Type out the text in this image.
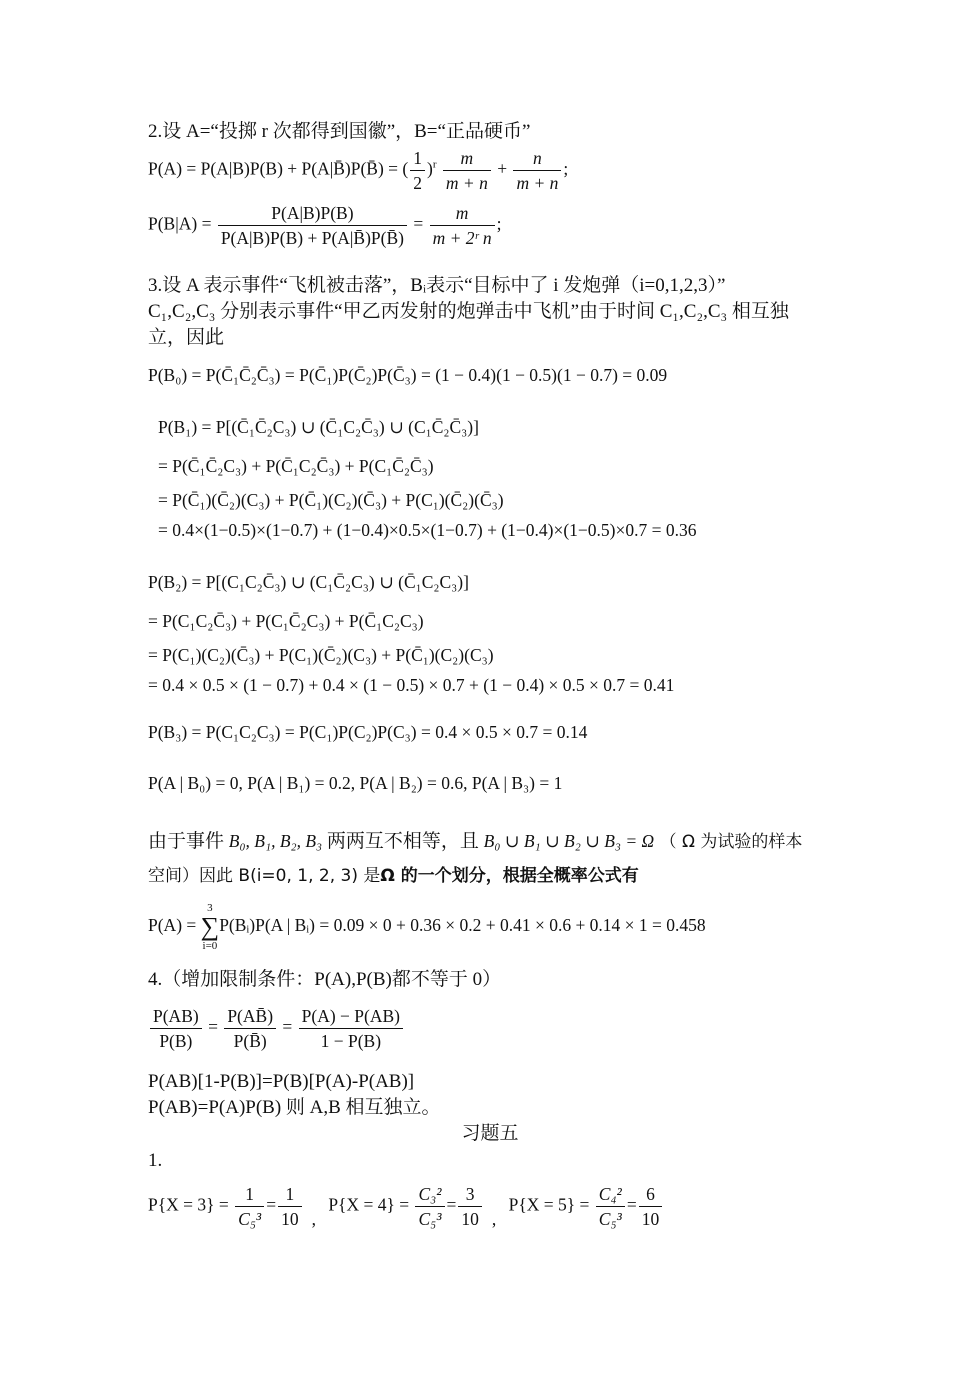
2.设 A=“投掷 r 次都得到国徽”，B=“正品硬币”
P(A) = P(A|B)P(B) + P(A|B̄)P(B̄) = ( $\frac{1}{2} )^r \frac{m}{m + n} + \frac{n}{m + n}$ ;
$P(B|A) = \frac{P(A|B)P(B)}{P(A|B)P(B) + P(A|B̄)P(B̄)} = \frac{m}{\text{m + 2ʳ n}}$ ;
3.设 A 表示事件“飞机被击落”，Bᵢ表示“目标中了 i 发炮弹（i=0,1,2,3）”
C₁,C₂,C₃ 分别表示事件“甲乙丙发射的炮弹击中飞机”由于时间 C₁,C₂,C₃ 相互独
立，因此
P(B₀) = P(C̄₁C̄₂C̄₃) = P(C̄₁)P(C̄₂)P(C̄₃) = (1 − 0.4)(1 − 0.5)(1 − 0.7) = 0.09
P(B₁) = P[(C̄₁C̄₂C₃) ∪ (C̄₁C₂C̄₃) ∪ (C₁C̄₂C̄₃)]
= P(C̄₁C̄₂C₃) + P(C̄₁C₂C̄₃) + P(C₁C̄₂C̄₃)
= P(C̄₁)(C̄₂)(C₃) + P(C̄₁)(C₂)(C̄₃) + P(C₁)(C̄₂)(C̄₃)
= 0.4×(1−0.5)×(1−0.7) + (1−0.4)×0.5×(1−0.7) + (1−0.4)×(1−0.5)×0.7 = 0.36
P(B₂) = P[(C₁C₂C̄₃) ∪ (C₁C̄₂C₃) ∪ (C̄₁C₂C₃)]
= P(C₁C₂C̄₃) + P(C₁C̄₂C₃) + P(C̄₁C₂C₃)
= P(C₁)(C₂)(C̄₃) + P(C₁)(C̄₂)(C₃) + P(C̄₁)(C₂)(C₃)
= 0.4 × 0.5 × (1 − 0.7) + 0.4 × (1 − 0.5) × 0.7 + (1 − 0.4) × 0.5 × 0.7 = 0.41
P(B₃) = P(C₁C₂C₃) = P(C₁)P(C₂)P(C₃) = 0.4 × 0.5 × 0.7 = 0.14
P(A | B₀) = 0, P(A | B₁) = 0.2, P(A | B₂) = 0.6, P(A | B₃) = 1
由于事件 B₀, B₁, B₂, B₃ 两两互不相等，且 B₀ ∪ B₁ ∪ B₂ ∪ B₃ = Ω （ Ω 为试验的样本
空间）因此 B(i=0, 1, 2, 3) 是Ω 的一个划分，根据全概率公式有
P(A) =
3
∑
i=0
P(Bᵢ)P(A | Bᵢ) = 0.09 × 0 + 0.36 × 0.2 + 0.41 × 0.6 + 0.14 × 1 = 0.458
4.（增加限制条件：P(A),P(B)都不等于 0）
$\frac{P(AB)}{P(B)} = \frac{P(AB̄)}{P(B̄)} = \frac{P(A) - P(AB)}{1 - P(B)}$
P(AB)[1-P(B)]=P(B)[P(A)-P(AB)]
P(AB)=P(A)P(B) 则 A,B 相互独立。
习题五
1.
$P\{X = 3\} = \frac{1}{\text{C₅³}} = \frac{1}{10}$ , $P\{X = 4\} = \frac{\text{C₃²}}{\text{C₅³}} = \frac{3}{10}$ , $P\{X = 5\} = \frac{\text{C₄²}}{\text{C₅³}} = \frac{6}{10}$
